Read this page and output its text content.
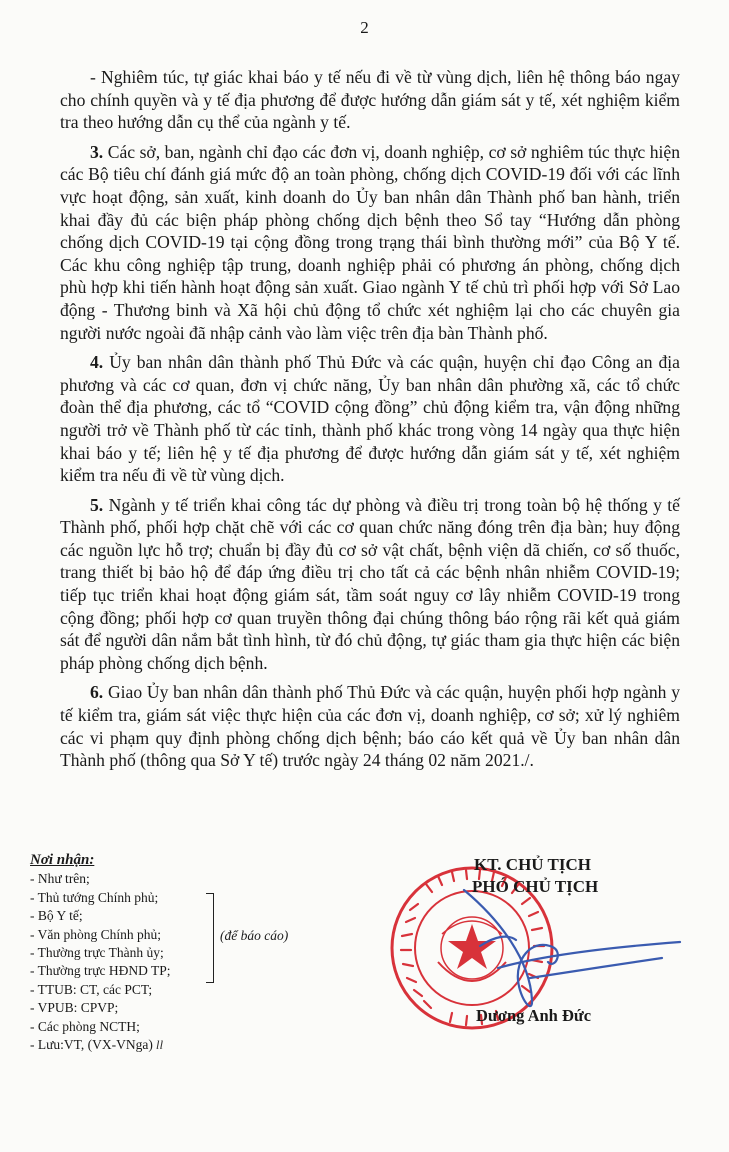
2

- Nghiêm túc, tự giác khai báo y tế nếu đi về từ vùng dịch, liên hệ thông báo ngay cho chính quyền và y tế địa phương để được hướng dẫn giám sát y tế, xét nghiệm kiểm tra theo hướng dẫn cụ thể của ngành y tế.

3. Các sở, ban, ngành chỉ đạo các đơn vị, doanh nghiệp, cơ sở nghiêm túc thực hiện các Bộ tiêu chí đánh giá mức độ an toàn phòng, chống dịch COVID-19 đối với các lĩnh vực hoạt động, sản xuất, kinh doanh do Ủy ban nhân dân Thành phố ban hành, triển khai đầy đủ các biện pháp phòng chống dịch bệnh theo Sổ tay “Hướng dẫn phòng chống dịch COVID-19 tại cộng đồng trong trạng thái bình thường mới” của Bộ Y tế. Các khu công nghiệp tập trung, doanh nghiệp phải có phương án phòng, chống dịch phù hợp khi tiến hành hoạt động sản xuất. Giao ngành Y tế chủ trì phối hợp với Sở Lao động - Thương binh và Xã hội chủ động tổ chức xét nghiệm lại cho các chuyên gia người nước ngoài đã nhập cảnh vào làm việc trên địa bàn Thành phố.

4. Ủy ban nhân dân thành phố Thủ Đức và các quận, huyện chỉ đạo Công an địa phương và các cơ quan, đơn vị chức năng, Ủy ban nhân dân phường xã, các tổ chức đoàn thể địa phương, các tổ “COVID cộng đồng” chủ động kiểm tra, vận động những người trở về Thành phố từ các tỉnh, thành phố khác trong vòng 14 ngày qua thực hiện khai báo y tế; liên hệ y tế địa phương để được hướng dẫn giám sát y tế, xét nghiệm kiểm tra nếu đi về từ vùng dịch.

5. Ngành y tế triển khai công tác dự phòng và điều trị trong toàn bộ hệ thống y tế Thành phố, phối hợp chặt chẽ với các cơ quan chức năng đóng trên địa bàn; huy động các nguồn lực hỗ trợ; chuẩn bị đầy đủ cơ sở vật chất, bệnh viện dã chiến, cơ số thuốc, trang thiết bị bảo hộ để đáp ứng điều trị cho tất cả các bệnh nhân nhiễm COVID-19; tiếp tục triển khai hoạt động giám sát, tầm soát nguy cơ lây nhiễm COVID-19 trong cộng đồng; phối hợp cơ quan truyền thông đại chúng thông báo rộng rãi kết quả giám sát để người dân nắm bắt tình hình, từ đó chủ động, tự giác tham gia thực hiện các biện pháp phòng chống dịch bệnh.

6. Giao Ủy ban nhân dân thành phố Thủ Đức và các quận, huyện phối hợp ngành y tế kiểm tra, giám sát việc thực hiện của các đơn vị, doanh nghiệp, cơ sở; xử lý nghiêm các vi phạm quy định phòng chống dịch bệnh; báo cáo kết quả về Ủy ban nhân dân Thành phố (thông qua Sở Y tế) trước ngày 24 tháng 02 năm 2021./.

Nơi nhận:
- Như trên;
- Thủ tướng Chính phủ;
- Bộ Y tế;
- Văn phòng Chính phủ;
- Thường trực Thành ủy;
- Thường trực HĐND TP;
- TTUB: CT, các PCT;
- VPUB: CPVP;
- Các phòng NCTH;
- Lưu:VT, (VX-VNga) ll
(để báo cáo)
KT. CHỦ TỊCH
PHÓ CHỦ TỊCH
Dương Anh Đức
